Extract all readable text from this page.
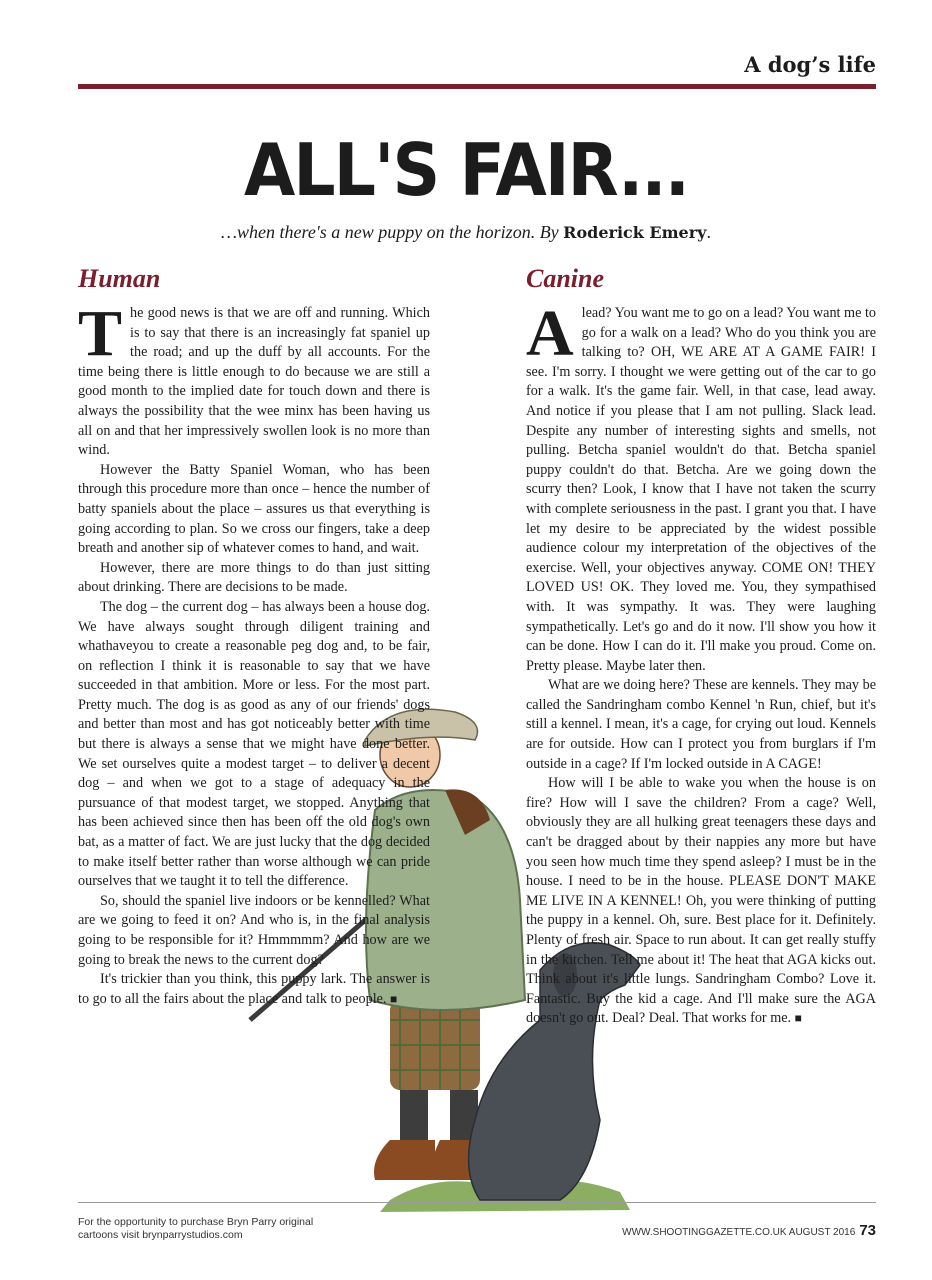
A dog’s life
ALL'S FAIR...
…when there's a new puppy on the horizon. By Roderick Emery.
Human	Canine
T he good news is that we are off and running. Which is to say that there is an increasingly fat spaniel up the road; and up the duff by all accounts. For the time being there is little enough to do because we are still a good month to the implied date for touch down and there is always the possibility that the wee minx has been having us all on and that her impressively swollen look is no more than wind.

However the Batty Spaniel Woman, who has been through this procedure more than once – hence the number of batty spaniels about the place – assures us that everything is going according to plan. So we cross our fingers, take a deep breath and another sip of whatever comes to hand, and wait.

However, there are more things to do than just sitting about drinking. There are decisions to be made.

The dog – the current dog – has always been a house dog. We have always sought through diligent training and whathaveyou to create a reasonable peg dog and, to be fair, on reflection I think it is reasonable to say that we have succeeded in that ambition. More or less. For the most part. Pretty much. The dog is as good as any of our friends' dogs and better than most and has got noticeably better with time but there is always a sense that we might have done better. We set ourselves quite a modest target – to deliver a decent dog – and when we got to a stage of adequacy in the pursuance of that modest target, we stopped. Anything that has been achieved since then has been off the old dog's own bat, as a matter of fact. We are just lucky that the dog decided to make itself better rather than worse although we can pride ourselves that we taught it to tell the difference.

So, should the spaniel live indoors or be kennelled? What are we going to feed it on? And who is, in the final analysis going to be responsible for it? Hmmmmm? And how are we going to break the news to the current dog?

It's trickier than you think, this puppy lark. The answer is to go to all the fairs about the place and talk to people. ■

A lead? You want me to go on a lead? You want me to go for a walk on a lead? Who do you think you are talking to? OH, WE ARE AT A GAME FAIR! I see. I'm sorry. I thought we were getting out of the car to go for a walk. It's the game fair. Well, in that case, lead away. And notice if you please that I am not pulling. Slack lead. Despite any number of interesting sights and smells, not pulling. Betcha spaniel wouldn't do that. Betcha spaniel puppy couldn't do that. Betcha. Are we going down the scurry then? Look, I know that I have not taken the scurry with complete seriousness in the past. I grant you that. I have let my desire to be appreciated by the widest possible audience colour my interpretation of the objectives of the exercise. Well, your objectives anyway. COME ON! THEY LOVED US! OK. They loved me. You, they sympathised with. It was sympathy. It was. They were laughing sympathetically. Let's go and do it now. I'll show you how it can be done. How I can do it. I'll make you proud. Come on. Pretty please. Maybe later then.

What are we doing here? These are kennels. They may be called the Sandringham combo Kennel 'n Run, chief, but it's still a kennel. I mean, it's a cage, for crying out loud. Kennels are for outside. How can I protect you from burglars if I'm outside in a cage? If I'm locked outside in A CAGE!

How will I be able to wake you when the house is on fire? How will I save the children? From a cage? Well, obviously they are all hulking great teenagers these days and can't be dragged about by their nappies any more but have you seen how much time they spend asleep? I must be in the house. I need to be in the house. PLEASE DON'T MAKE ME LIVE IN A KENNEL! Oh, you were thinking of putting the puppy in a kennel. Oh, sure. Best place for it. Definitely. Plenty of fresh air. Space to run about. It can get really stuffy in the kitchen. Tell me about it! The heat that AGA kicks out. Think about it's little lungs. Sandringham Combo? Love it. Fantastic. Buy the kid a cage. And I'll make sure the AGA doesn't go out. Deal? Deal. That works for me. ■

For the opportunity to purchase Bryn Parry original cartoons visit brynparrystudios.com	WWW.SHOOTINGGAZETTE.CO.UK AUGUST 2016 73
